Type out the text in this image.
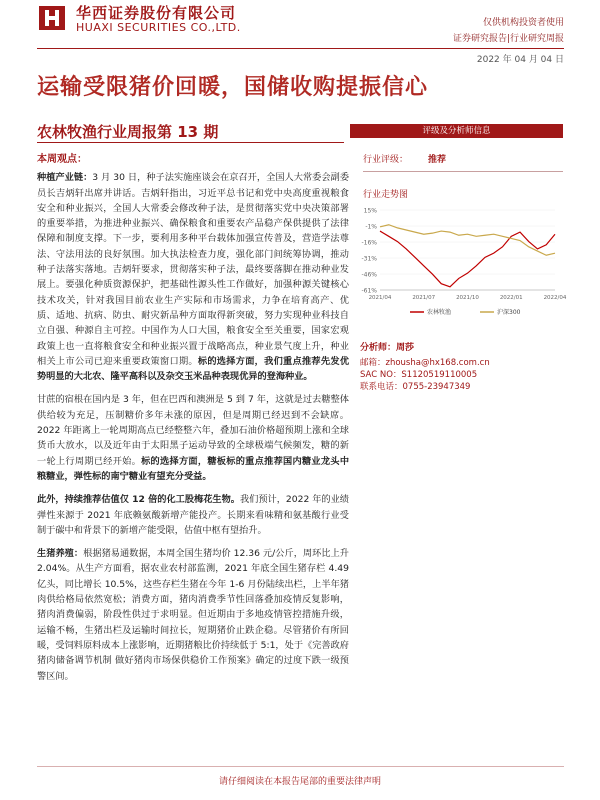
华西证券股份有限公司
HUAXI SECURITIES CO.,LTD.	仅供机构投资者使用
证券研究报告|行业研究周报
2022 年 04 月 04 日
运输受限猪价回暖，国储收购提振信心
农林牧渔行业周报第 13 期
本周观点：

种植产业链：3 月 30 日，种子法实施座谈会在京召开，全国人大常委会副委员长吉炳轩出席并讲话。吉炳轩指出，习近平总书记和党中央高度重视粮食安全和种业振兴，全国人大常委会修改种子法，是贯彻落实党中央决策部署的重要举措，为推进种业振兴、确保粮食和重要农产品稳产保供提供了法律保障和制度支撑。下一步，要利用多种平台载体加强宣传普及，营造学法尊法、守法用法的良好氛围。加大执法检查力度，强化部门间统筹协调，推动种子法落实落地。吉炳轩要求，贯彻落实种子法，最终要落脚在推动种业发展上。要强化种质资源保护，把基础性源头性工作做好，加强种源关键核心技术攻关，针对我国目前农业生产实际和市场需求，力争在培育高产、优质、适地、抗病、防虫、耐灾新品种方面取得新突破，努力实现种业科技自立自强、种源自主可控。中国作为人口大国，粮食安全至关重要，国家宏观政策上也一直将粮食安全和种业振兴置于战略高点，种业景气度上升，种业相关上市公司已迎来重要政策窗口期。标的选择方面，我们重点推荐先发优势明显的大北农、隆平高科以及杂交玉米品种表现优异的登海种业。

甘蔗的宿根在国内是 3 年，但在巴西和澳洲是 5 到 7 年，这就是过去糖整体供给较为充足，压制糖价多年未涨的原因，但是周期已经迟到不会缺席。2022 年距离上一轮周期高点已经整整六年，叠加石油价格超预期上涨和全球货币大放水，以及近年由于太阳黑子运动导致的全球极端气候频发，糖的新一轮上行周期已经开始。标的选择方面，糖板标的重点推荐国内糖业龙头中粮糖业，弹性标的南宁糖业有望充分受益。

此外，持续推荐估值仅 12 倍的化工股梅花生物。我们预计，2022 年的业绩弹性来源于 2021 年底赖氨酸新增产能投产。长期来看味精和氨基酸行业受制于碳中和背景下的新增产能受限，估值中枢有望抬升。

生猪养殖：根据猪易通数据，本周全国生猪均价 12.36 元/公斤，周环比上升 2.04%。从生产方面看，据农业农村部监测，2021 年底全国生猪存栏 4.49 亿头，同比增长 10.5%，这些存栏生猪在今年 1-6 月份陆续出栏，上半年猪肉供给格局依然宽松；消费方面，猪肉消费季节性回落叠加疫情反复影响，猪肉消费偏弱，阶段性供过于求明显。但近期由于多地疫情管控措施升级，运输不畅，生猪出栏及运输时间拉长，短期猪价止跌企稳。尽管猪价有所回暖，受饲料原料成本上涨影响，近期猪粮比价持续低于 5:1，处于《完善政府猪肉储备调节机制 做好猪肉市场保供稳价工作预案》确定的过度下跌一级预警区间。

评级及分析师信息
行业评级： 推荐
行业走势图
15%
-1%
-16%
-31%
-46%
-61%
2021/04	2021/07	2021/10	2022/01	2022/04
农林牧渔	沪深300
分析师：周莎
邮箱：zhousha@hx168.com.cn
SAC NO：S1120519110005
联系电话：0755-23947349
请仔细阅读在本报告尾部的重要法律声明
